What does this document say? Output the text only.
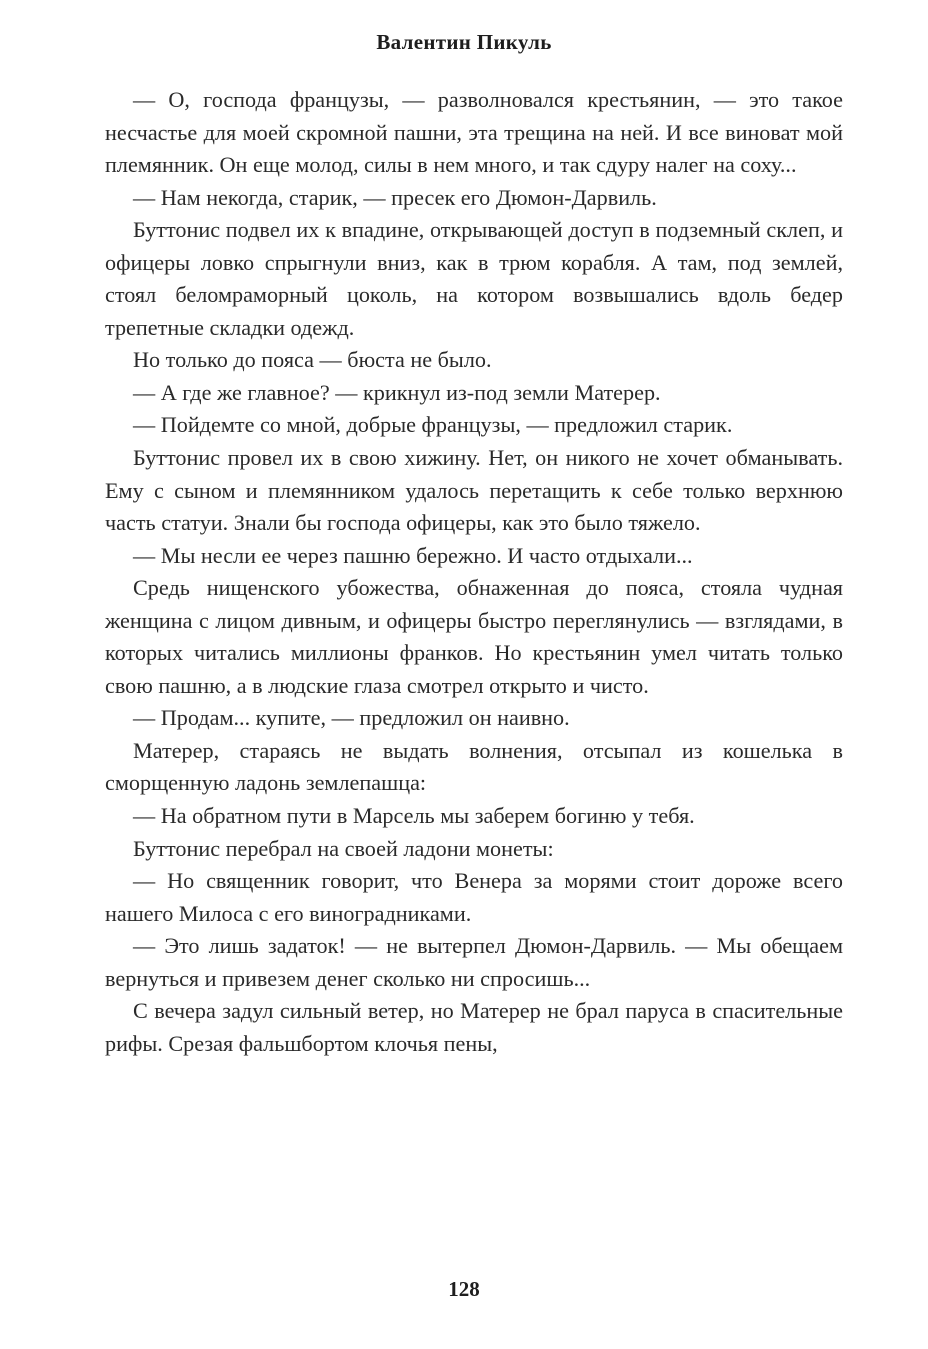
Валентин Пикуль

— О, господа французы, — разволновался крестьянин, — это такое несчастье для моей скромной пашни, эта трещина на ней. И все виноват мой племянник. Он еще молод, силы в нем много, и так сдуру налег на соху...

— Нам некогда, старик, — пресек его Дюмон-Дарвиль.

Буттонис подвел их к впадине, открывающей доступ в подземный склеп, и офицеры ловко спрыгнули вниз, как в трюм корабля. А там, под землей, стоял беломраморный цоколь, на котором возвышались вдоль бедер трепетные складки одежд.

Но только до пояса — бюста не было.

— А где же главное? — крикнул из-под земли Матерер.

— Пойдемте со мной, добрые французы, — предложил старик.

Буттонис провел их в свою хижину. Нет, он никого не хочет обманывать. Ему с сыном и племянником удалось перетащить к себе только верхнюю часть статуи. Знали бы господа офицеры, как это было тяжело.

— Мы несли ее через пашню бережно. И часто отдыхали...

Средь нищенского убожества, обнаженная до пояса, стояла чудная женщина с лицом дивным, и офицеры быстро переглянулись — взглядами, в которых читались миллионы франков. Но крестьянин умел читать только свою пашню, а в людские глаза смотрел открыто и чисто.

— Продам... купите, — предложил он наивно.

Матерер, стараясь не выдать волнения, отсыпал из кошелька в сморщенную ладонь землепашца:

— На обратном пути в Марсель мы заберем богиню у тебя.

Буттонис перебрал на своей ладони монеты:

— Но священник говорит, что Венера за морями стоит дороже всего нашего Милоса с его виноградниками.

— Это лишь задаток! — не вытерпел Дюмон-Дарвиль. — Мы обещаем вернуться и привезем денег сколько ни спросишь...

С вечера задул сильный ветер, но Матерер не брал паруса в спасительные рифы. Срезая фальшбортом клочья пены,

128
